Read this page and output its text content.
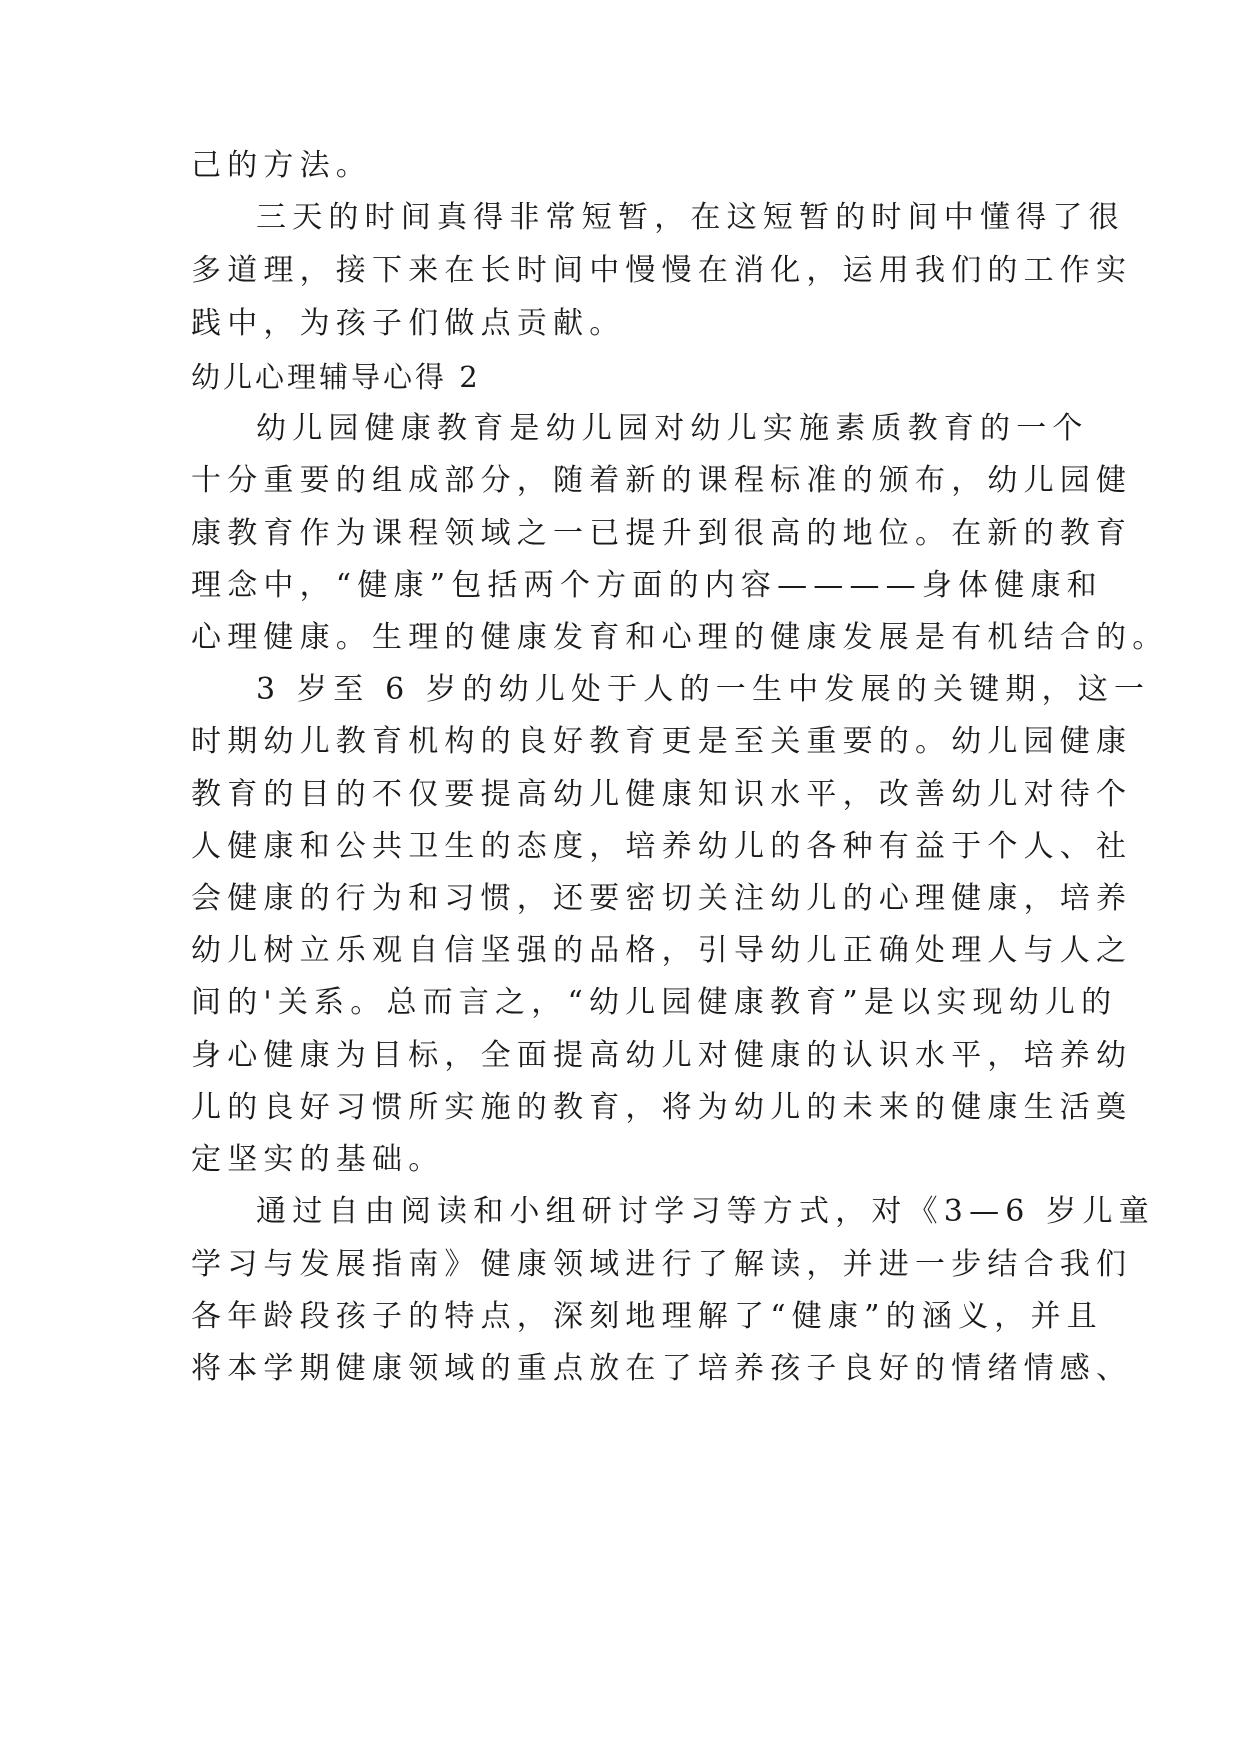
己的方法。
三天的时间真得非常短暂，在这短暂的时间中懂得了很
多道理，接下来在长时间中慢慢在消化，运用我们的工作实
践中，为孩子们做点贡献。
幼儿心理辅导心得 2
幼儿园健康教育是幼儿园对幼儿实施素质教育的一个
十分重要的组成部分，随着新的课程标准的颁布，幼儿园健
康教育作为课程领域之一已提升到很高的地位。在新的教育
理念中，“健康”包括两个方面的内容————身体健康和
心理健康。生理的健康发育和心理的健康发展是有机结合的。
3 岁至 6 岁的幼儿处于人的一生中发展的关键期，这一
时期幼儿教育机构的良好教育更是至关重要的。幼儿园健康
教育的目的不仅要提高幼儿健康知识水平，改善幼儿对待个
人健康和公共卫生的态度，培养幼儿的各种有益于个人、社
会健康的行为和习惯，还要密切关注幼儿的心理健康，培养
幼儿树立乐观自信坚强的品格，引导幼儿正确处理人与人之
间的'关系。总而言之，“幼儿园健康教育”是以实现幼儿的
身心健康为目标，全面提高幼儿对健康的认识水平，培养幼
儿的良好习惯所实施的教育，将为幼儿的未来的健康生活奠
定坚实的基础。
通过自由阅读和小组研讨学习等方式，对《3—6 岁儿童
学习与发展指南》健康领域进行了解读，并进一步结合我们
各年龄段孩子的特点，深刻地理解了“健康”的涵义，并且
将本学期健康领域的重点放在了培养孩子良好的情绪情感、
